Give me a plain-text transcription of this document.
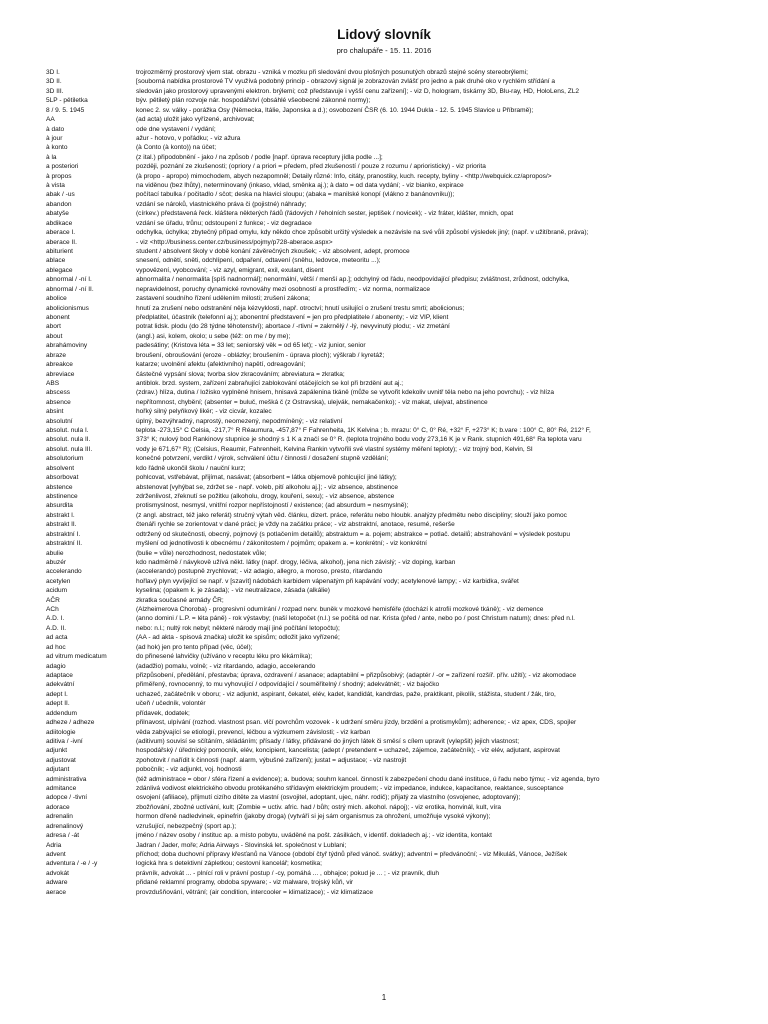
Lidový slovník
pro chalupáře - 15. 11. 2016
3D I.	trojrozměrný prostorový vjem stat. obrazu - vzniká v mozku při sledování dvou plošných posunutých obrazů stejné scény stereobrýlemi;
3D II.	[souborná nabídka prostorové TV využívá podobný princip - obrazový signál je zobrazován zvlášť pro jedno a pak druhé oko v rychlém střídání a
3D III.	sledován jako prostorový upravenými elektron. brýlemi; což představuje i vyšší cenu zařízení]; - viz D, hologram, tiskárny 3D, Blu-ray, HD, HoloLens, ZL2
5LP - pětiletka	býv. pětiletý plán rozvoje nár. hospodářství (obsáhlé všeobecné zákonné normy);
8 / 9. 5. 1945	konec 2. sv. války - porážka Osy (Německa, Itálie, Japonska a d.); osvobození ČSR (6. 10. 1944 Dukla - 12. 5. 1945 Slavice u Příbramě);
AA	(ad acta) uložit jako vyřízené, archivovat;
à dato	ode dne vystavení / vydání;
à jour	ažur - hotovo, v pořádku; - viz ažura
à konto	(à Conto (à konto)) na účet;
à la	(z ital.) připodobnění - jako / na způsob / podle [např. úprava receptury jídla podle ...];
a posteriori	později, poznání ze zkušenosti; (opriory / a priori = předem, před zkušeností / pouze z rozumu / aprioristicky) - viz priorita
à propos	(à propo - apropo) mimochodem, abych nezapomněl; Detaily různé: Info, citáty, pranostiky, kuch. recepty, byliny - <http://webquick.cz/apropos/>
à vista	na viděnou (bez lhůty), neterminovaný (inkaso, vklad, směnka aj.); à dato = od data vydání; - viz bianko, expirace
abak / -us	počítací tabulka / počitadlo / sčot; deska na hlavici sloupu; (abaka = manilské konopí (vlákno z banánovníku));
abandon	vzdání se nároků, vlastnického práva či (pojistné) náhrady;
abatyše	(církev.) představená řeck. kláštera některých řádů (řádových / řeholních sester, jeptišek / novicek); - viz fráter, klášter, mnich, opat
abdikace	vzdání se úřadu, trůnu; odstoupení z funkce; - viz degradace
aberace I.	odchylka, úchylka; zbytečný případ omylu, kdy někdo chce způsobit určitý výsledek a nezávisle na své vůli způsobí výsledek jiný; (např. v užitíbraně, práva);
aberace II.	- viz <http://business.center.cz/business/pojmy/p728-aberace.aspx>
abiturient	student / absolvent školy v době konání závěrečných zkoušek; - viz absolvent, adept, promoce
ablace	snesení, odnětí, sněti, odchlípení, odpaření, odtavení (sněhu, ledovce, meteoritu ...);
ablegace	vypovězení, vyobcování; - viz azyl, emigrant, exil, exulant, disent
abnormal / -ní I.	abnormalita / nenormalita [spíš nadnormál]; nenormální, větší / menší ap.]; odchylný od řádu, neodpovídající předpisu; zvláštnost, zrůdnost, odchylka,
abnormal / -ní II.	nepravidelnost, poruchy dynamické rovnováhy mezi osobností a prostředím; - viz norma, normalizace
abolice	zastavení soudního řízení udělením milosti; zrušení zákona;
abolicionismus	hnutí za zrušení nebo odstranění něja kézvyklosti, např. otroctví; hnutí usilující o zrušení trestu smrti; abolicionus;
abonent	předplatitel, účastník (telefonní aj.); abonentní představení = jen pro předplatitele / abonenty; - viz VIP, klient
abort	potrat lidsk. plodu (do 28 týdne těhotenství); abortace / -rtivní = zakrnělý / -lý, nevyvinutý plodu; - viz zmetání
about	(angl.) asi, kolem, okolo; u sebe (též: on me / by me);
abrahámoviny	padesátiny; (Kristova léta = 33 let; seniorský věk = od 65 let); - viz junior, senior
abraze	broušení, obroušování (eroze - oblázky; broušením - úprava ploch); výškrab / kyretáž;
abreakce	katarze; uvolnění afektu (afektivního) napětí, odreagování;
abreviace	částečné vypsání slova; tvorba slov zkracováním; abreviatura = zkratka;
ABS	antiblok. brzd. system, zařízení zabraňující zablokování otáčejících se kol při brzdění aut aj.;
abscess	(zdrav.) hlíza, dutina / ložisko vyplněné hnisem, hnisavá zapálenina tkáně (může se vytvořit kdekoliv uvnitř těla nebo na jeho povrchu); - viz hlíza
absence	nepřítomnost, chybění; (absenter = buluč, mešká č (z Ostravska), ulejvák, nemakačenko); - viz makat, ulejvat, abstinence
absint	hořký silný pelyňkový likér; - viz cicvár, kozalec
absolutní	úplný, bezvýhradný, naprostý, neomezený, nepodmíněný; - viz relativní
absolut. nula I.	teplota -273,15° C Celsia, -217,7° R Réaumura, -457,87° F Fahrenheita, 1K Kelvina ; b. mrazu: 0° C, 0° Ré, +32° F, +273° K; b.vare : 100° C, 80° Ré, 212° F,
absolut. nula II.	373° K; nulový bod Rankinovy stupnice je shodný s 1 K a značí se 0° R. (teplota trojného bodu vody 273,16 K je v Rank. stupních 491,68° Ra teplota varu
absolut. nula III.	vody je 671,67° R); (Celsius, Reaumir, Fahrenheit, Kelvina Rankin vytvořili své vlastní systémy měření teploty); - viz trojný bod, Kelvin, SI
absolutorium	konečné potvrzení, verdikt / výrok, schválení účtu / činnosti / dosažení stupně vzdělání;
absolvent	kdo řádně ukončil školu / nauční kurz;
absorbovat	pohlcovat, vstřebávat, přijímat, nasávat; (absorbent = látka objemově pohlcující jiné látky);
abstence	abstenovat [vyhýbat se, zdržet se - např. voleb, pití alkoholu aj.]; - viz absence, abstinence
abstinence	zdrženlivost, zřeknutí se požitku (alkoholu, drogy, kouření, sexu); - viz absence, abstence
absurdita	protismyslnost, nesmysl, vnitřní rozpor nepřístojností / existence; (ad absurdum = nesmyslně);
abstrakt I.	(z angl. abstract, též jako referát) stručný výtah věd. článku, dizert. práce, referátu nebo hloubk. analýzy předmětu nebo disciplíny; slouží jako pomoc
abstrakt II.	čtenáři rychle se zorientovat v dané práci; je vždy na začátku práce; - viz abstraktní, anotace, resumé, rešerše
abstraktní I.	odtržený od skutečnosti, obecný, pojmový (s potlačením detailů); abstraktum = a. pojem; abstrakce = potlač. detailů; abstrahování = výsledek postupu
abstraktní II.	myšlení od jednotlivosti k obecnému / zákonitostem / pojmům; opakem a. = konkrétní; - viz konkrétní
abulie	(bulie = vůle) nerozhodnost, nedostatek vůle;
abuzér	kdo nadměrně / návykově užívá někt. látky (např. drogy, léčiva, alkohol), jena nich závislý; - viz doping, karban
accelerando	(accelerando) postupně zrychlovat; - viz adagio, allegro, a moroso, presto, ritardando
acetylen	hořlavý plyn vyvíjející se např. v [szavít] nádobách karbidem vápenatým při kapávání vody; acetylenové lampy; - viz karbidka, svářet
acidum	kyselina; (opakem k. je zásada); - viz neutralizace, zásada (alkálie)
AČR	zkratka současné armády ČR;
ACh	(Alzheimerova Choroba) - progresivní odumírání / rozpad nerv. buněk v mozkové hemisféře (dochází k atrofii mozkové tkáně); - viz demence
A.D. I.	(anno domini / L.P. = léta páně) - rok výstavby; (naší letopočet (n.l.) se počítá od nar. Krista (před / ante, nebo po / post Christum natum); dnes: před n.l.
A.D. II.	nebo: n.l.; nultý rok nebyl; některé národy mají jiné počítání letopočtu);
ad acta	(AA - ad akta - spisová značka) uložit ke spisům; odložit jako vyřízené;
ad hoc	(ad hok) jen pro tento případ (věc, účel);
ad vitrum medicatum	do přinesené lahvičky (užíváno v receptu léku pro lékárníka);
adagio	(adadžio) pomalu, volně; - viz ritardando, adagio, accelerando
adaptace	přizpůsobení, předělání, přestavba; úprava, ozdravení / asanace; adaptabilní = přizpůsobivý; (adaptér / -or = zařízení rozšíř. přív. užití); - viz akomodace
adekvátní	přiměřený, rovnocenný, to mu vyhovující / odpovídající / souměřitelný / shodný; adekvátnět; - viz bajočko
adept I.	uchazeč, začátečník v oboru; - viz adjunkt, aspirant, čekatel, elév, kadet, kandidát, kandrdas, paže, praktikant, pikolík, stážista, student / žák, tiro,
adept II.	učeň / učedník, volontér
addendum	přídavek, dodatek;
adheze / adheze	přilnavost, ulpívání (rozhod. vlastnost psan. vlčí povrchům vozovek - k udržení směru jízdy, brzdění a protismykům); adherence; - viz apex, CDS, spojler
adiitologie	věda zabývající se etiologií, prevencí, léčbou a výzkumem závislosti; - viz karban
aditiva / -ivní	(aditivum) souvisí se sčítáním, skládáním; přísady / látky, přidávané do jiných látek či směsí s cílem upravit (vylepšit) jejich vlastnost;
adjunkt	hospodářský / úřednický pomocník, elév, koncipient, kancelista; (adept / pretendent = uchazeč, zájemce, začátečník); - viz elév, adjutant, aspirovat
adjustovat	zpohotovit / nařídit k činnosti (např. alarm, výbušné zařízení); justat = adjustace; - viz nastrojit
adjutant	pobočník; - viz adjunkt, voj. hodnosti
administrativa	(též administrace = obor / sféra řízení a evidence); a. budova; souhrn kancel. činností k zabezpečení chodu dané instituce, ú řadu nebo týmu; - viz agenda, byro
admitance	zdánlivá vodivost elektrického obvodu protékaného střídavým elektrickým proudem; - viz impedance, indukce, kapacitance, reaktance, susceptance
adopce / -tivní	osvojení (afiliace), přijmutí cizího dítěte za vlastní (osvojitel, adoptant, ujec, náhr. rodič); přijatý za vlastního (osvojenec, adoptovaný);
adorace	zbožňování, zbožné uctívání, kult; (Zombie = uctiv. afric. had / bůh; ostrý mich. alkohol. nápoj); - viz erotika, honvinál, kult, víra
adrenalin	hormon dřeně nadledvinek, epinefrin (jakoby droga) (vytváří si jej sám organismus za ohrožení, umožňuje vysoké výkony);
adrenalinový	vzrušující, nebezpečný (sport ap.);
adresa / -át	jméno / název osoby / instituc ap. a místo pobytu, uváděné na pošt. zásilkách, v identif. dokladech aj.; - viz identita, kontakt
Adria	Jadran / Jader, moře; Adria Airways - Slovinská let. společnost v Lublani;
advent	příchod; doba duchovní přípravy křesťanů na Vánoce (období čtyř týdnů před vánoč. svátky); adventní = předvánoční; - viz Mikuláš, Vánoce, Ježíšek
adventura / -e / -y	logická hra s detektivní zápletkou; cestovní kancelář; kosmetika;
advokát	právník, advokát ... - plnící roli v právní postup / -cy, pomáhá ... , obhajce; pokud je ... ; - viz pravník, dluh
adware	přidané reklamní programy, obdoba spyware; - viz malware, trojský kůň, vir
aerace	provzdušňování, větrání; (air condition, intercooler = klimatizace); - viz klimatizace
1
